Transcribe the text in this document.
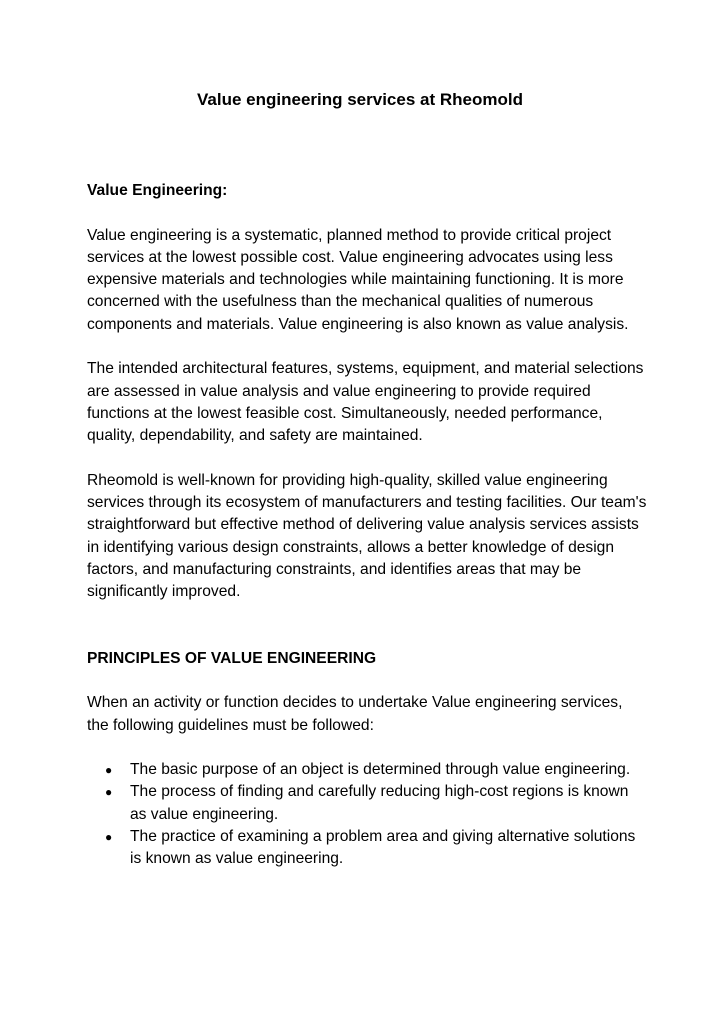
Value engineering services at Rheomold

Value Engineering:

Value engineering is a systematic, planned method to provide critical project services at the lowest possible cost. Value engineering advocates using less expensive materials and technologies while maintaining functioning. It is more concerned with the usefulness than the mechanical qualities of numerous components and materials. Value engineering is also known as value analysis.

The intended architectural features, systems, equipment, and material selections are assessed in value analysis and value engineering to provide required functions at the lowest feasible cost. Simultaneously, needed performance, quality, dependability, and safety are maintained.

Rheomold is well-known for providing high-quality, skilled value engineering services through its ecosystem of manufacturers and testing facilities. Our team's straightforward but effective method of delivering value analysis services assists in identifying various design constraints, allows a better knowledge of design factors, and manufacturing constraints, and identifies areas that may be significantly improved.

PRINCIPLES OF VALUE ENGINEERING

When an activity or function decides to undertake Value engineering services, the following guidelines must be followed:

● The basic purpose of an object is determined through value engineering.
● The process of finding and carefully reducing high-cost regions is known as value engineering.
● The practice of examining a problem area and giving alternative solutions is known as value engineering.
